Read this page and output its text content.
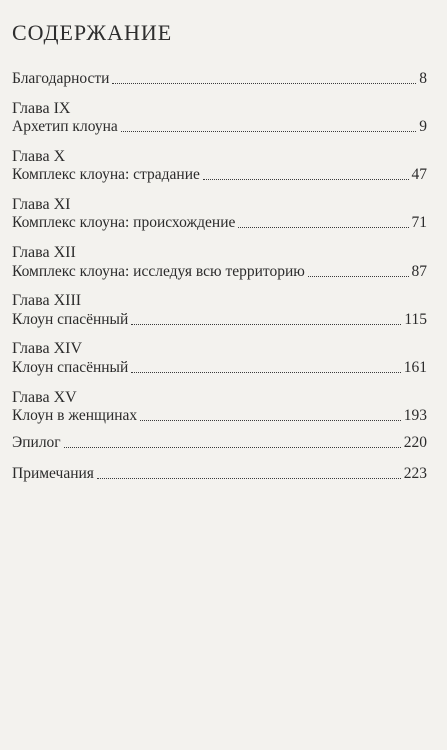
СОДЕРЖАНИЕ
Благодарности	8
Глава IX
Архетип клоуна	9
Глава X
Комплекс клоуна: страдание	47
Глава XI
Комплекс клоуна: происхождение	71
Глава XII
Комплекс клоуна: исследуя всю территорию	87
Глава XIII
Клоун спасённый	115
Глава XIV
Клоун спасённый	161
Глава XV
Клоун в женщинах	193
Эпилог	220
Примечания	223
